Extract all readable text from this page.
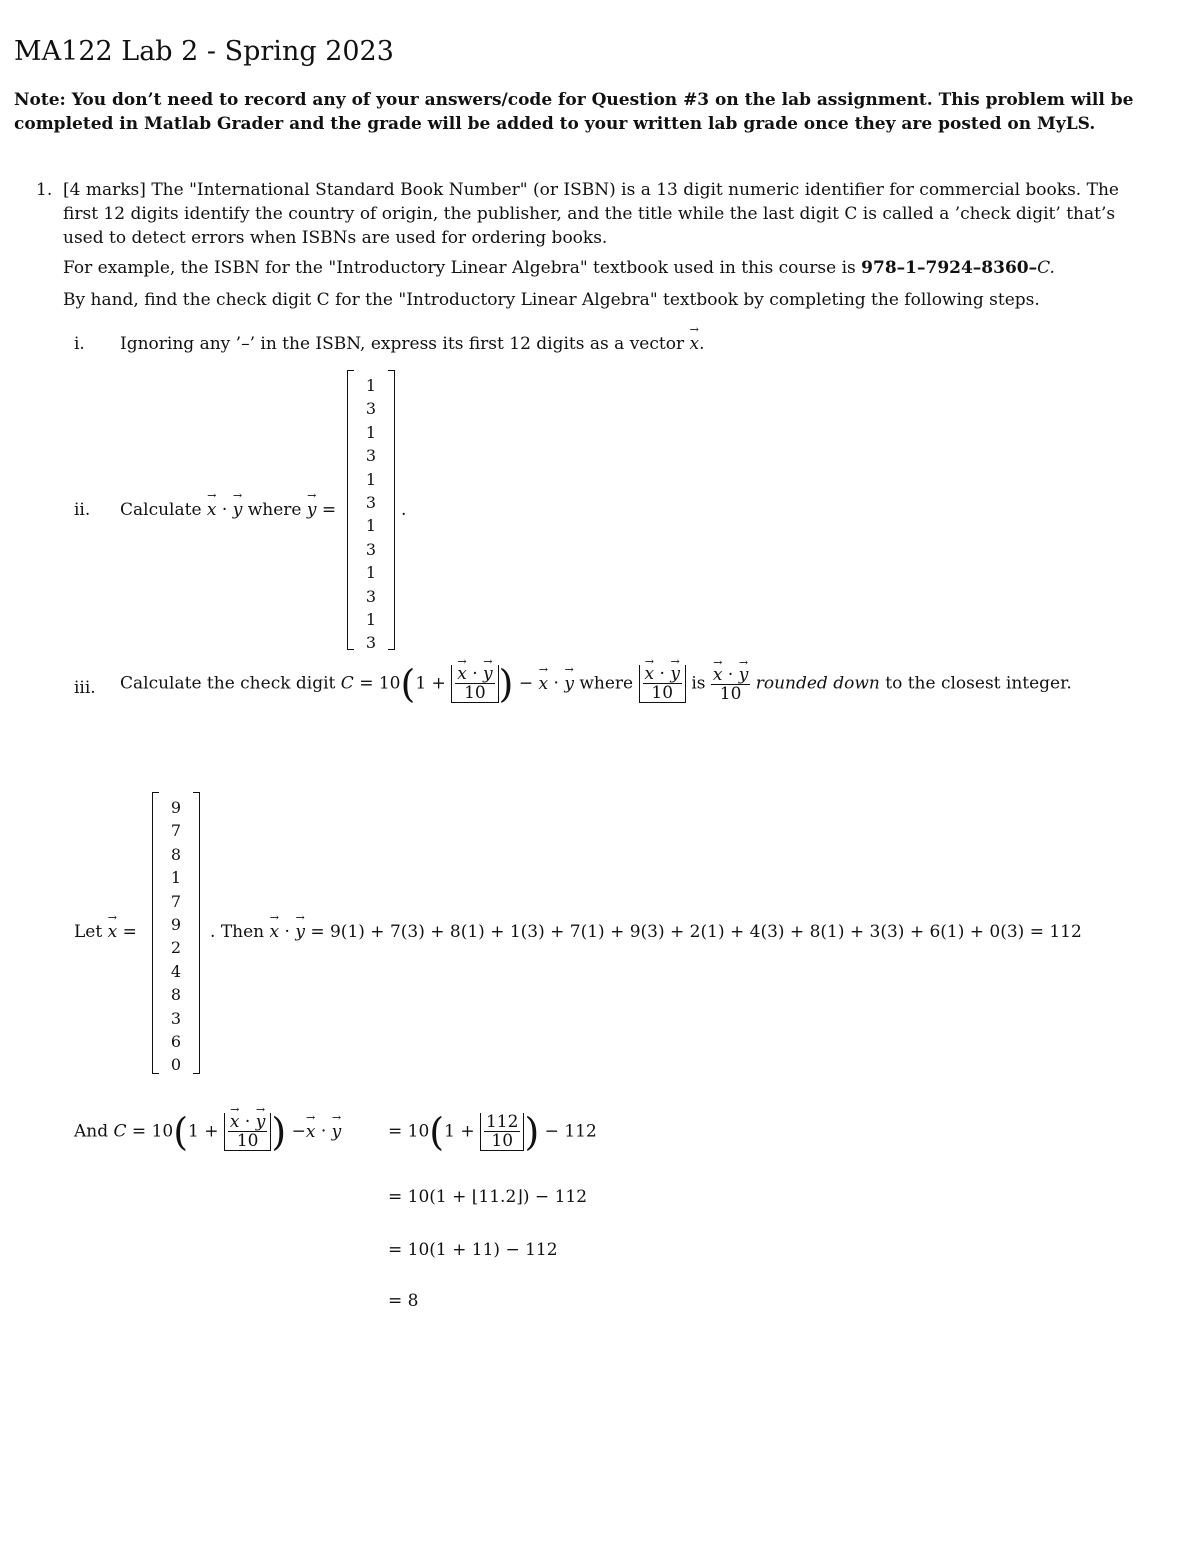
MA122 Lab 2 - Spring 2023
Note: You don’t need to record any of your answers/code for Question #3 on the lab assignment. This problem will be completed in Matlab Grader and the grade will be added to your written lab grade once they are posted on MyLS.
1. [4 marks] The "International Standard Book Number" (or ISBN) is a 13 digit numeric identifier for commercial books. The first 12 digits identify the country of origin, the publisher, and the title while the last digit C is called a ’check digit’ that’s used to detect errors when ISBNs are used for ordering books.
For example, the ISBN for the "Introductory Linear Algebra" textbook used in this course is 978–1–7924–8360–C.
By hand, find the check digit C for the "Introductory Linear Algebra" textbook by completing the following steps.
i. Ignoring any ’–’ in the ISBN, express its first 12 digits as a vector → x.
ii. Calculate → x · → y where → y =
1
3
1
3
1
3
1
3
1
3
1
3
.
iii. Calculate the check digit C = 10(1 + → $\frac{x \cdot \to y}{10}$ ) − → x · → y where → $\frac{x \cdot \to y}{10}$ is → $\frac{x \cdot \to y}{10}$ rounded down to the closest integer.
Let → x =
9
7
8
1
7
9
2
4
8
3
6
0
. Then → x · → y = 9(1) + 7(3) + 8(1) + 1(3) + 7(1) + 9(3) + 2(1) + 4(3) + 8(1) + 3(3) + 6(1) + 0(3) = 112
And C = 10(1 + → $\frac{x \cdot \to y}{10}$ ) −→ x · → y	= $10(1 + \frac{112}{10}$ ) − 112
= 10(1 + ⌊11.2⌋) − 112
= 10(1 + 11) − 112
= 8
